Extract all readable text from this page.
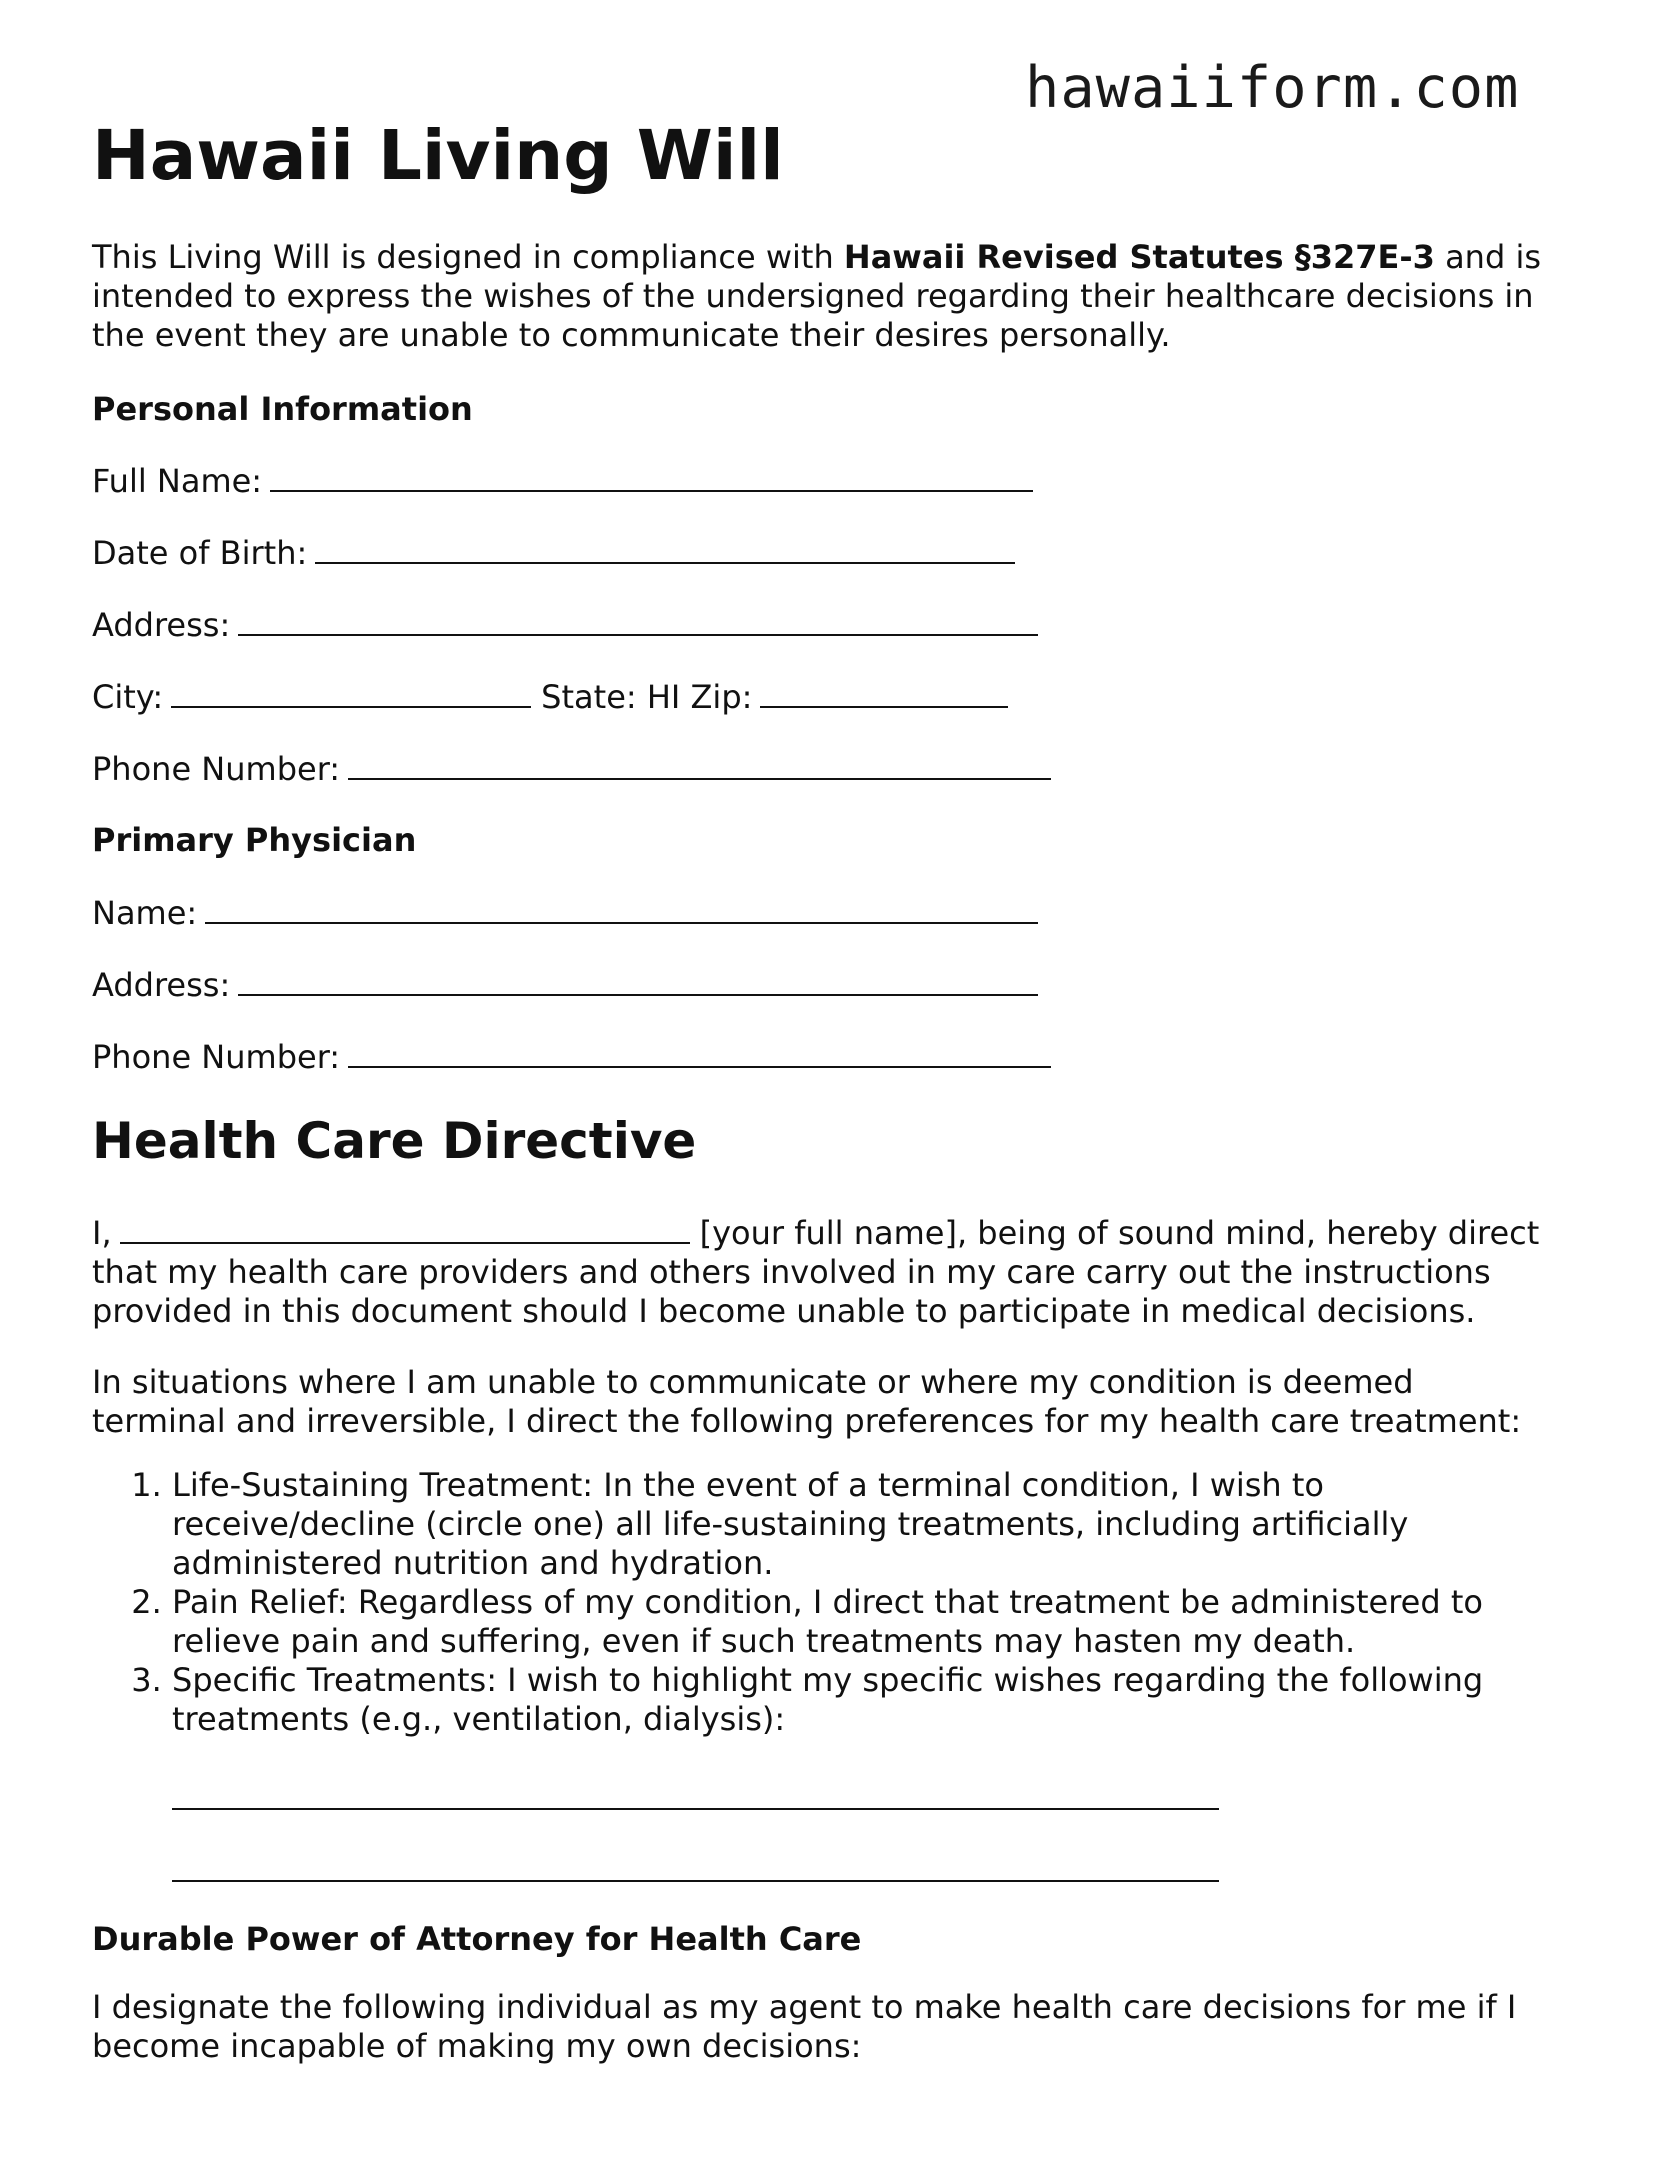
hawaiiform.com
Hawaii Living Will
This Living Will is designed in compliance with Hawaii Revised Statutes §327E-3 and is
intended to express the wishes of the undersigned regarding their healthcare decisions in
the event they are unable to communicate their desires personally.
Personal Information
Full Name:
Date of Birth:
Address:
City:	State: HI Zip:
Phone Number:
Primary Physician
Name:
Address:
Phone Number:
Health Care Directive
I,	[your full name], being of sound mind, hereby direct
that my health care providers and others involved in my care carry out the instructions
provided in this document should I become unable to participate in medical decisions.
In situations where I am unable to communicate or where my condition is deemed
terminal and irreversible, I direct the following preferences for my health care treatment:
1. Life-Sustaining Treatment: In the event of a terminal condition, I wish to
receive/decline (circle one) all life-sustaining treatments, including artificially
administered nutrition and hydration.
2. Pain Relief: Regardless of my condition, I direct that treatment be administered to
relieve pain and suffering, even if such treatments may hasten my death.
3. Specific Treatments: I wish to highlight my specific wishes regarding the following
treatments (e.g., ventilation, dialysis):
Durable Power of Attorney for Health Care
I designate the following individual as my agent to make health care decisions for me if I
become incapable of making my own decisions:
